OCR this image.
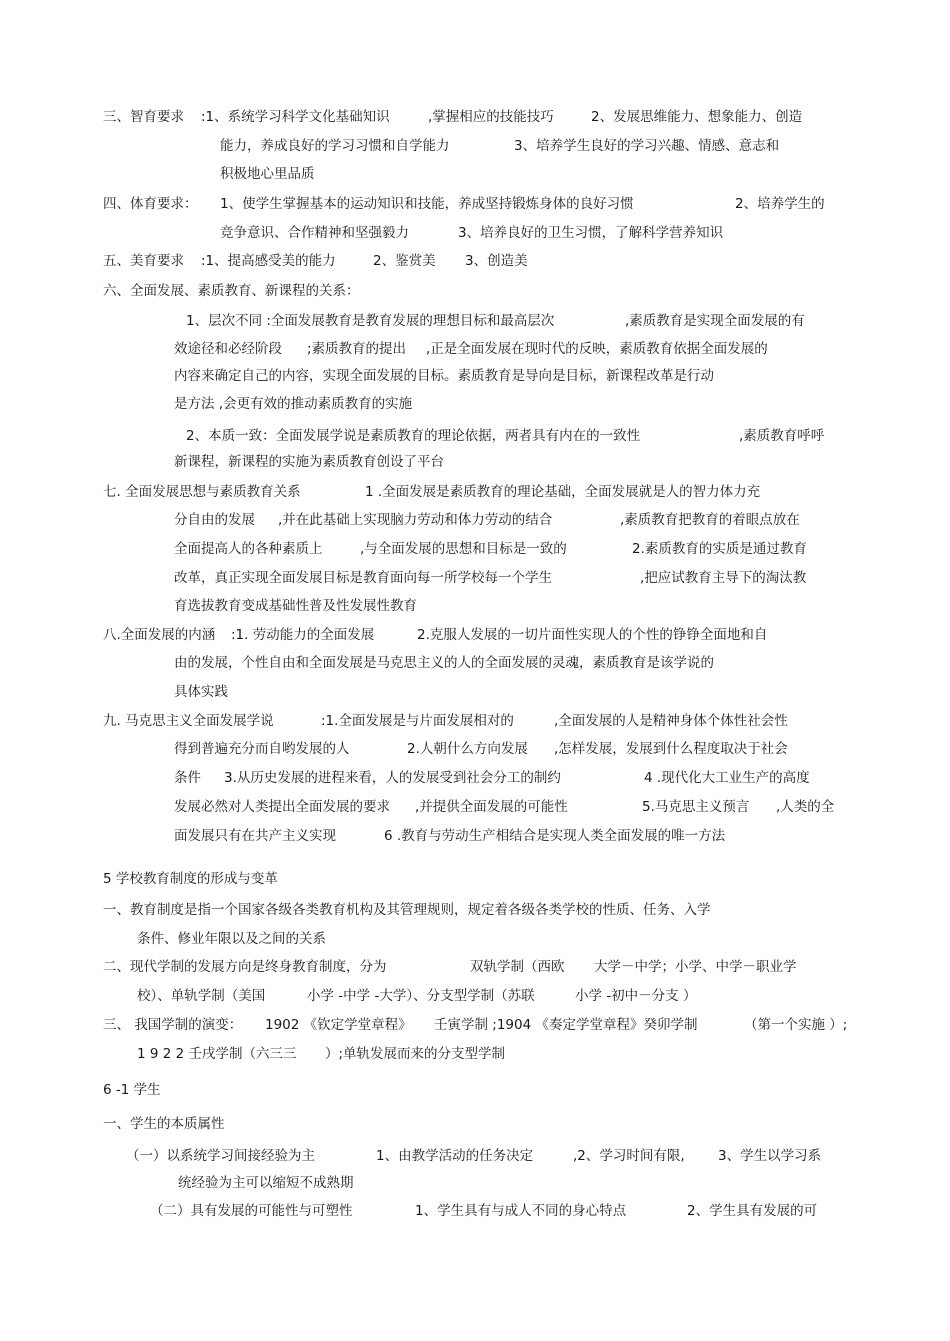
三、智育要求 :1、系统学习科学文化基础知识	,掌握相应的技能技巧	2、发展思维能力、想象能力、创造
能力，养成良好的学习习惯和自学能力	3、培养学生良好的学习兴趣、情感、意志和
积极地心里品质
四、体育要求： 1、使学生掌握基本的运动知识和技能，养成坚持锻炼身体的良好习惯	2、培养学生的
竞争意识、合作精神和坚强毅力	3、培养良好的卫生习惯，了解科学营养知识
五、美育要求 :1、提高感受美的能力	2、鉴赏美 3、创造美
六、全面发展、素质教育、新课程的关系：
1、层次不同 :全面发展教育是教育发展的理想目标和最高层次	,素质教育是实现全面发展的有
效途径和必经阶段 ;素质教育的提出 ,正是全面发展在现时代的反映，素质教育依据全面发展的
内容来确定自己的内容，实现全面发展的目标。素质教育是导向是目标，新课程改革是行动
是方法 ,会更有效的推动素质教育的实施
2、本质一致：全面发展学说是素质教育的理论依据，两者具有内在的一致性	,素质教育呼呼
新课程，新课程的实施为素质教育创设了平台
七. 全面发展思想与素质教育关系	1 .全面发展是素质教育的理论基础，全面发展就是人的智力体力充
分自由的发展 ,并在此基础上实现脑力劳动和体力劳动的结合	,素质教育把教育的着眼点放在
全面提高人的各种素质上	,与全面发展的思想和目标是一致的	2.素质教育的实质是通过教育
改革，真正实现全面发展目标是教育面向每一所学校每一个学生	,把应试教育主导下的淘汰教
育选拔教育变成基础性普及性发展性教育
八.全面发展的内涵 :1. 劳动能力的全面发展	2.克服人发展的一切片面性实现人的个性的铮铮全面地和自
由的发展，个性自由和全面发展是马克思主义的人的全面发展的灵魂，素质教育是该学说的
具体实践
九. 马克思主义全面发展学说	:1.全面发展是与片面发展相对的	,全面发展的人是精神身体个体性社会性
得到普遍充分而自哟发展的人	2.人朝什么方向发展 ,怎样发展，发展到什么程度取决于社会
条件 3.从历史发展的进程来看，人的发展受到社会分工的制约	4 .现代化大工业生产的高度
发展必然对人类提出全面发展的要求 ,并提供全面发展的可能性	5.马克思主义预言 ,人类的全
面发展只有在共产主义实现	6 .教育与劳动生产相结合是实现人类全面发展的唯一方法
5 学校教育制度的形成与变革
一、教育制度是指一个国家各级各类教育机构及其管理规则，规定着各级各类学校的性质、任务、入学
条件、修业年限以及之间的关系
二、现代学制的发展方向是终身教育制度，分为	双轨学制（西欧 大学－中学；小学、中学－职业学
校）、单轨学制（美国	小学 -中学 -大学）、分支型学制（苏联	小学 -初中－分支 ）
三、 我国学制的演变： 1902 《钦定学堂章程》 壬寅学制 ;1904 《奏定学堂章程》癸卯学制	（第一个实施 ）;
1 9 2 2 壬戌学制（六三三 ）;单轨发展而来的分支型学制
6 -1 学生
一、学生的本质属性
（一）以系统学习间接经验为主	1、由教学活动的任务决定	,2、学习时间有限, 3、学生以学习系
统经验为主可以缩短不成熟期
（二）具有发展的可能性与可塑性	1、学生具有与成人不同的身心特点	2、学生具有发展的可
